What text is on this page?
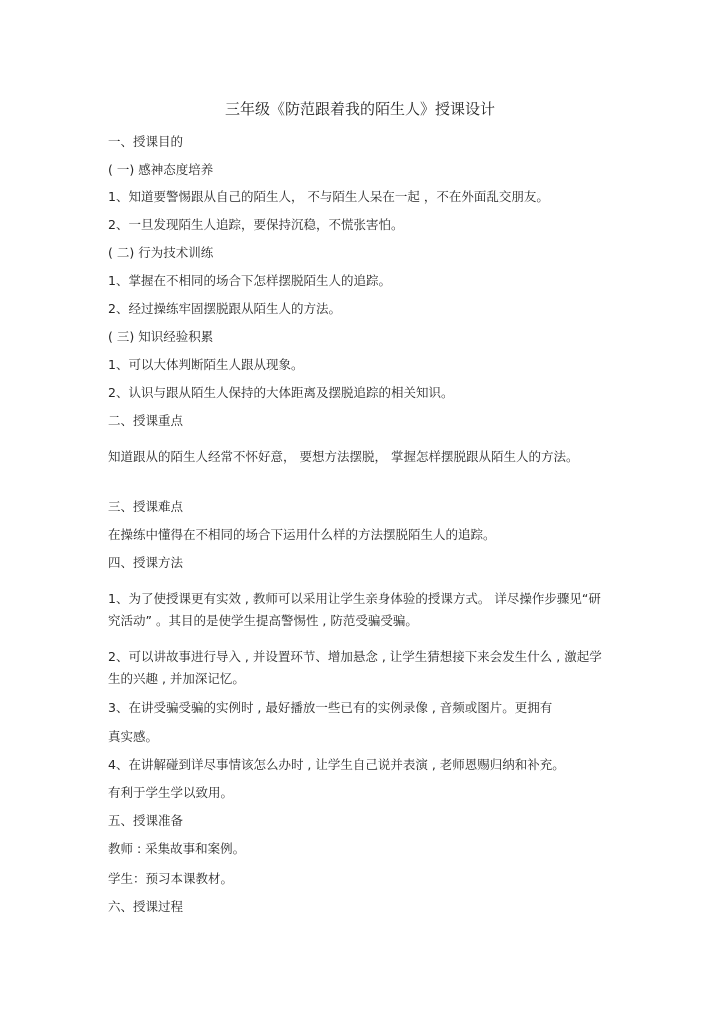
三年级《防范跟着我的陌生人》授课设计
一、授课目的
( 一) 感神态度培养
1、知道要警惕跟从自己的陌生人， 不与陌生人呆在一起 ，不在外面乱交朋友。
2、一旦发现陌生人追踪，要保持沉稳，不慌张害怕。
( 二) 行为技术训练
1、掌握在不相同的场合下怎样摆脱陌生人的追踪。
2、经过操练牢固摆脱跟从陌生人的方法。
( 三) 知识经验积累
1、可以大体判断陌生人跟从现象。
2、认识与跟从陌生人保持的大体距离及摆脱追踪的相关知识。
二、授课重点
知道跟从的陌生人经常不怀好意， 要想方法摆脱， 掌握怎样摆脱跟从陌生人的方法。
三、授课难点
在操练中懂得在不相同的场合下运用什么样的方法摆脱陌生人的追踪。
四、授课方法
1、为了使授课更有实效 , 教师可以采用让学生亲身体验的授课方式。 详尽操作步骤见“研究活动” 。其目的是使学生提高警惕性 , 防范受骗受骗。
2、可以讲故事进行导入 , 并设置环节、增加悬念 , 让学生猜想接下来会发生什么 , 激起学生的兴趣 , 并加深记忆。
3、在讲受骗受骗的实例时 , 最好播放一些已有的实例录像 , 音频或图片。更拥有
真实感。
4、在讲解碰到详尽事情该怎么办时 , 让学生自己说并表演 , 老师恩赐归纳和补充。
有利于学生学以致用。
五、授课准备
教师 : 采集故事和案例。
学生：预习本课教材。
六、授课过程
